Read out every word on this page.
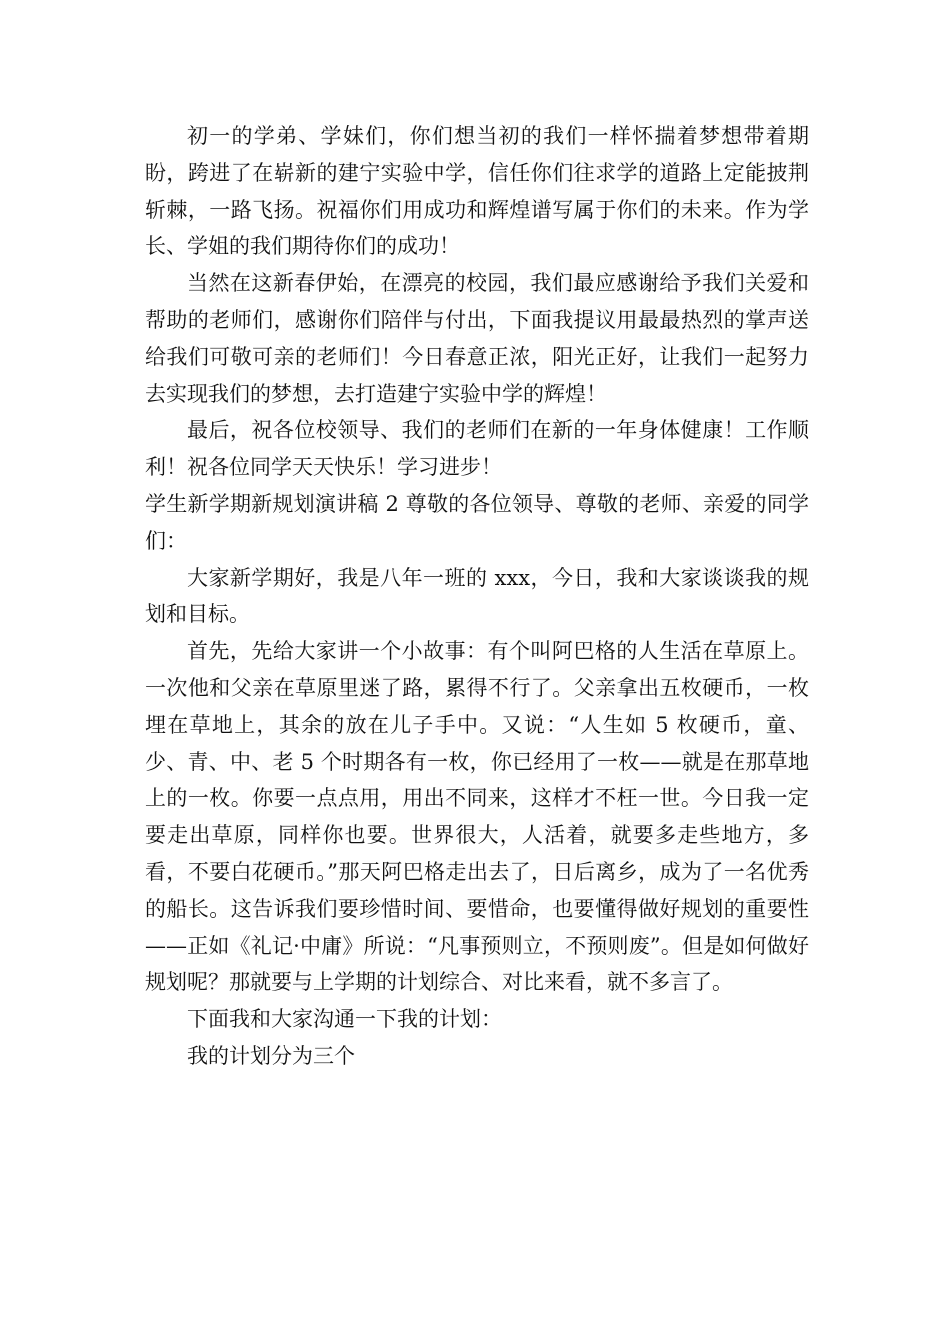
初一的学弟、学妹们，你们想当初的我们一样怀揣着梦想带着期盼，跨进了在崭新的建宁实验中学，信任你们往求学的道路上定能披荆斩棘，一路飞扬。祝福你们用成功和辉煌谱写属于你们的未来。作为学长、学姐的我们期待你们的成功！

当然在这新春伊始，在漂亮的校园，我们最应感谢给予我们关爱和帮助的老师们，感谢你们陪伴与付出，下面我提议用最最热烈的掌声送给我们可敬可亲的老师们！今日春意正浓，阳光正好，让我们一起努力去实现我们的梦想，去打造建宁实验中学的辉煌！

最后，祝各位校领导、我们的老师们在新的一年身体健康！工作顺利！祝各位同学天天快乐！学习进步！

学生新学期新规划演讲稿 2 尊敬的各位领导、尊敬的老师、亲爱的同学们：

大家新学期好，我是八年一班的 xxx，今日，我和大家谈谈我的规划和目标。

首先，先给大家讲一个小故事：有个叫阿巴格的人生活在草原上。一次他和父亲在草原里迷了路，累得不行了。父亲拿出五枚硬币，一枚埋在草地上，其余的放在儿子手中。又说：“人生如 5 枚硬币，童、少、青、中、老 5 个时期各有一枚，你已经用了一枚——就是在那草地上的一枚。你要一点点用，用出不同来，这样才不枉一世。今日我一定要走出草原，同样你也要。世界很大，人活着，就要多走些地方，多看，不要白花硬币。”那天阿巴格走出去了，日后离乡，成为了一名优秀的船长。这告诉我们要珍惜时间、要惜命，也要懂得做好规划的重要性——正如《礼记·中庸》所说：“凡事预则立，不预则废”。但是如何做好规划呢？那就要与上学期的计划综合、对比来看，就不多言了。

下面我和大家沟通一下我的计划：

我的计划分为三个
